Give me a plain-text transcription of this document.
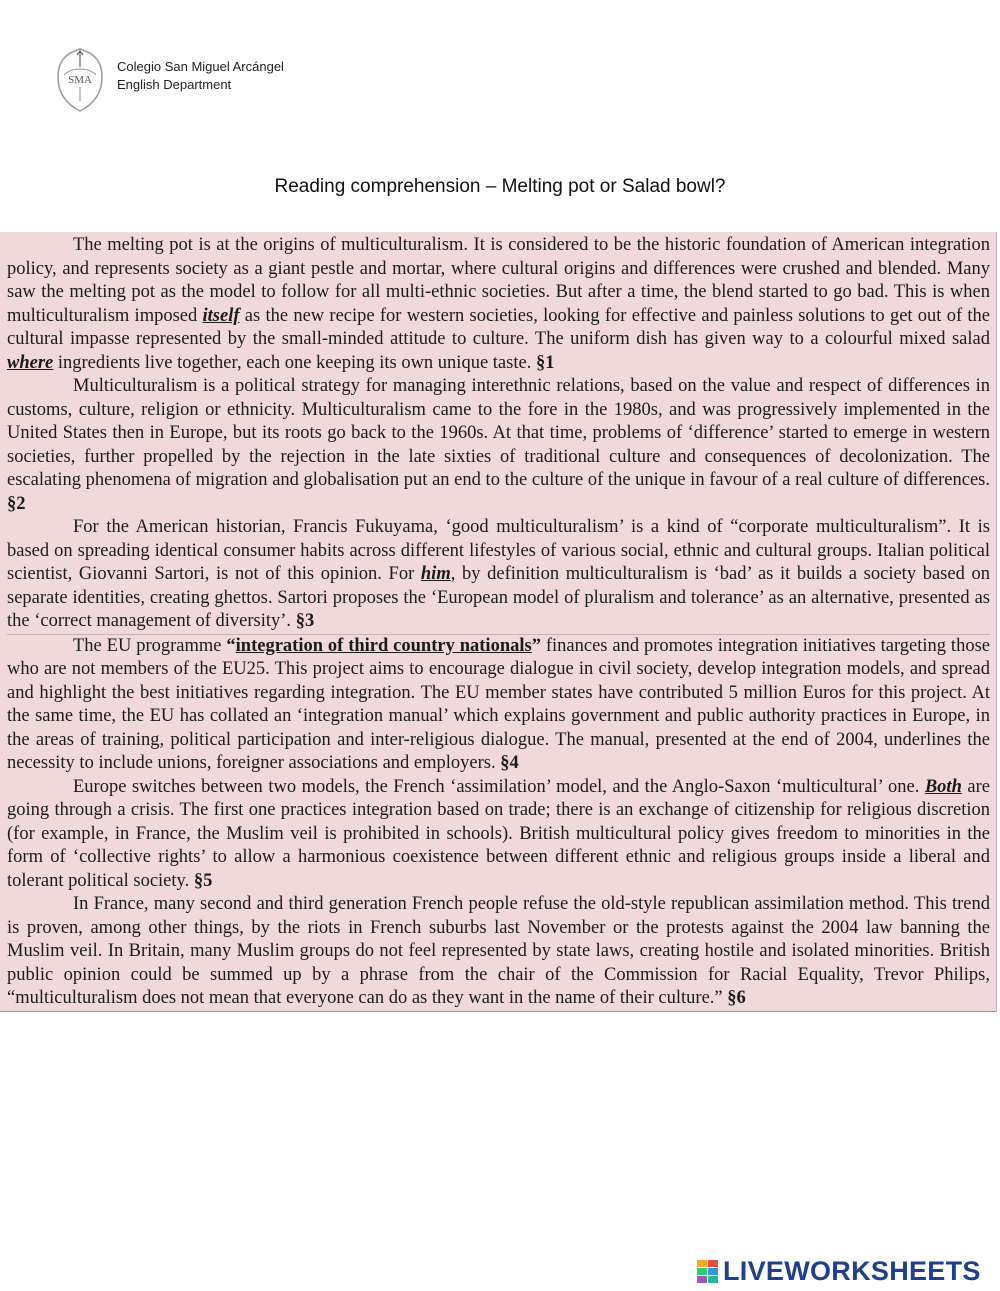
SMA
Colegio San Miguel Arcángel
English Department
Reading comprehension – Melting pot or Salad bowl?

The melting pot is at the origins of multiculturalism. It is considered to be the historic foundation of American integration policy, and represents society as a giant pestle and mortar, where cultural origins and differences were crushed and blended. Many saw the melting pot as the model to follow for all multi-ethnic societies. But after a time, the blend started to go bad. This is when multiculturalism imposed itself as the new recipe for western societies, looking for effective and painless solutions to get out of the cultural impasse represented by the small-minded attitude to culture. The uniform dish has given way to a colourful mixed salad where ingredients live together, each one keeping its own unique taste. §1

Multiculturalism is a political strategy for managing interethnic relations, based on the value and respect of differences in customs, culture, religion or ethnicity. Multiculturalism came to the fore in the 1980s, and was progressively implemented in the United States then in Europe, but its roots go back to the 1960s. At that time, problems of ‘difference’ started to emerge in western societies, further propelled by the rejection in the late sixties of traditional culture and consequences of decolonization. The escalating phenomena of migration and globalisation put an end to the culture of the unique in favour of a real culture of differences. §2

For the American historian, Francis Fukuyama, ‘good multiculturalism’ is a kind of “corporate multiculturalism”. It is based on spreading identical consumer habits across different lifestyles of various social, ethnic and cultural groups. Italian political scientist, Giovanni Sartori, is not of this opinion. For him, by definition multiculturalism is ‘bad’ as it builds a society based on separate identities, creating ghettos. Sartori proposes the ‘European model of pluralism and tolerance’ as an alternative, presented as the ‘correct management of diversity’. §3

The EU programme “integration of third country nationals” finances and promotes integration initiatives targeting those who are not members of the EU25. This project aims to encourage dialogue in civil society, develop integration models, and spread and highlight the best initiatives regarding integration. The EU member states have contributed 5 million Euros for this project. At the same time, the EU has collated an ‘integration manual’ which explains government and public authority practices in Europe, in the areas of training, political participation and inter-religious dialogue. The manual, presented at the end of 2004, underlines the necessity to include unions, foreigner associations and employers. §4

Europe switches between two models, the French ‘assimilation’ model, and the Anglo-Saxon ‘multicultural’ one. Both are going through a crisis. The first one practices integration based on trade; there is an exchange of citizenship for religious discretion (for example, in France, the Muslim veil is prohibited in schools). British multicultural policy gives freedom to minorities in the form of ‘collective rights’ to allow a harmonious coexistence between different ethnic and religious groups inside a liberal and tolerant political society. §5

In France, many second and third generation French people refuse the old-style republican assimilation method. This trend is proven, among other things, by the riots in French suburbs last November or the protests against the 2004 law banning the Muslim veil. In Britain, many Muslim groups do not feel represented by state laws, creating hostile and isolated minorities. British public opinion could be summed up by a phrase from the chair of the Commission for Racial Equality, Trevor Philips, “multiculturalism does not mean that everyone can do as they want in the name of their culture.” §6

LIVEWORKSHEETS
